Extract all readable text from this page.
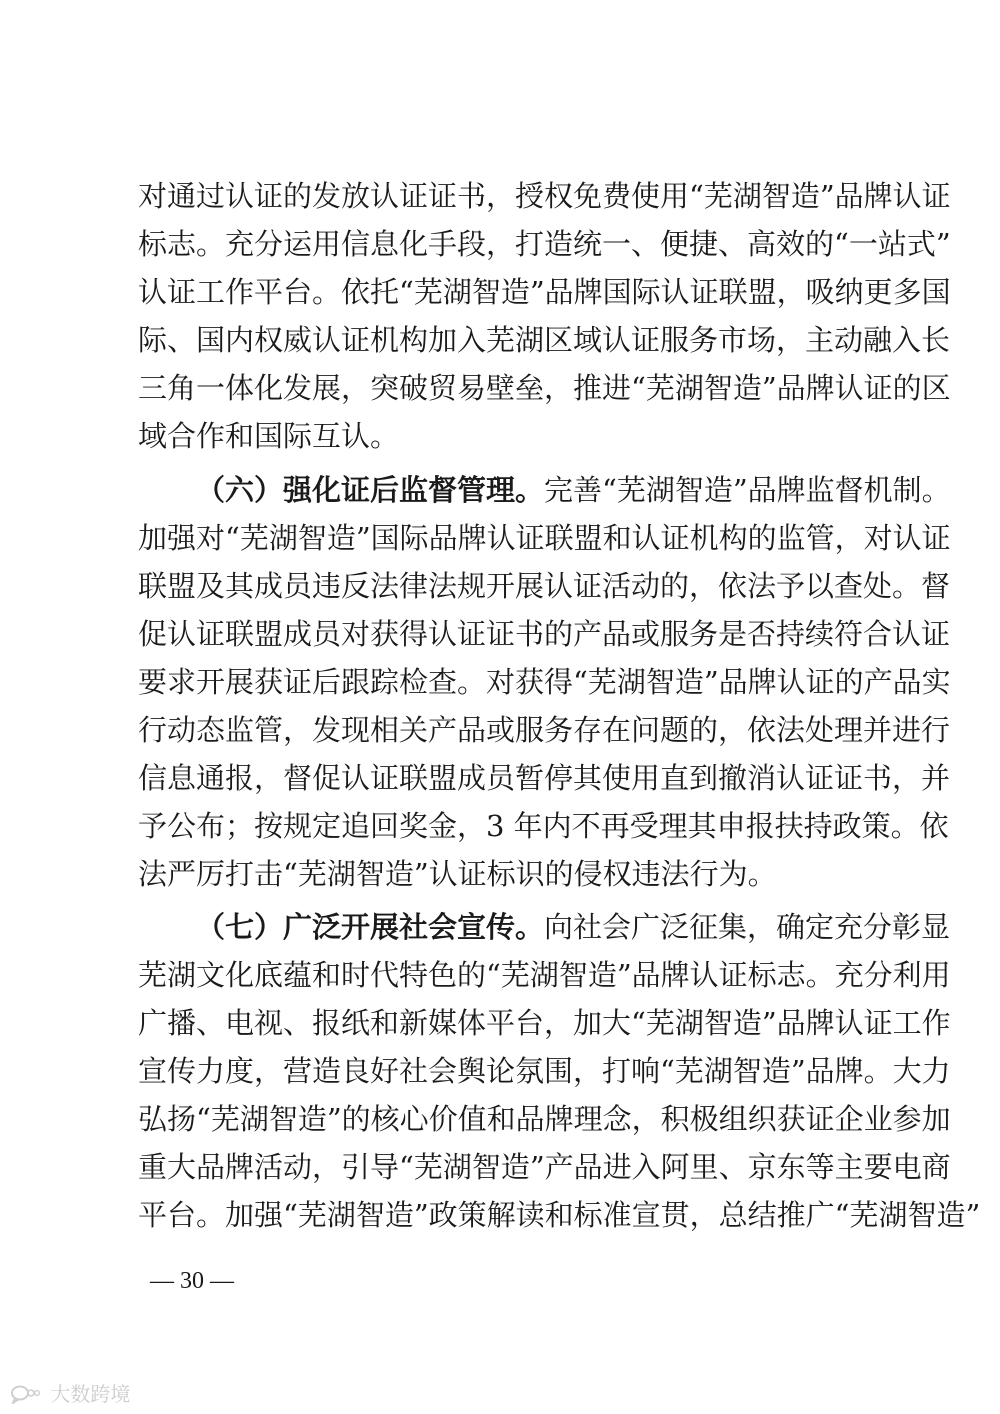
对通过认证的发放认证证书，授权免费使用“芜湖智造”品牌认证
标志。充分运用信息化手段，打造统一、便捷、高效的“一站式”
认证工作平台。依托“芜湖智造”品牌国际认证联盟，吸纳更多国
际、国内权威认证机构加入芜湖区域认证服务市场，主动融入长
三角一体化发展，突破贸易壁垒，推进“芜湖智造”品牌认证的区
域合作和国际互认。
（六）强化证后监督管理。完善“芜湖智造”品牌监督机制。
加强对“芜湖智造”国际品牌认证联盟和认证机构的监管，对认证
联盟及其成员违反法律法规开展认证活动的，依法予以查处。督
促认证联盟成员对获得认证证书的产品或服务是否持续符合认证
要求开展获证后跟踪检查。对获得“芜湖智造”品牌认证的产品实
行动态监管，发现相关产品或服务存在问题的，依法处理并进行
信息通报，督促认证联盟成员暂停其使用直到撤消认证证书，并
予公布；按规定追回奖金，3 年内不再受理其申报扶持政策。依
法严厉打击“芜湖智造”认证标识的侵权违法行为。
（七）广泛开展社会宣传。向社会广泛征集，确定充分彰显
芜湖文化底蕴和时代特色的“芜湖智造”品牌认证标志。充分利用
广播、电视、报纸和新媒体平台，加大“芜湖智造”品牌认证工作
宣传力度，营造良好社会舆论氛围，打响“芜湖智造”品牌。大力
弘扬“芜湖智造”的核心价值和品牌理念，积极组织获证企业参加
重大品牌活动，引导“芜湖智造”产品进入阿里、京东等主要电商
平台。加强“芜湖智造”政策解读和标准宣贯，总结推广“芜湖智造”
— 30 —
大数跨境
